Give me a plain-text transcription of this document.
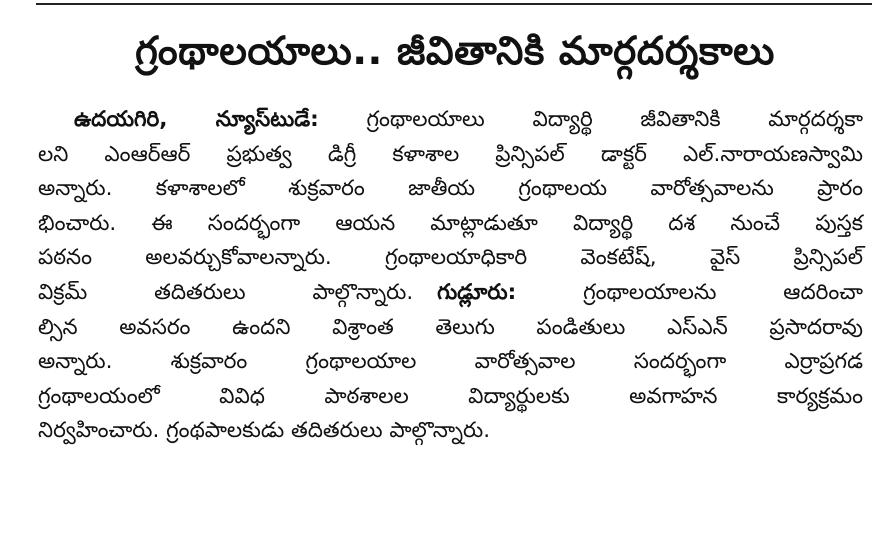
గ్రంథాలయాలు.. జీవితానికి మార్గదర్శకాలు
ఉదయగిరి, న్యూస్‌టుడే: గ్రంథాలయాలు విద్యార్థి జీవితానికి మార్గదర్శకా
లని ఎంఆర్ఆర్ ప్రభుత్వ డిగ్రీ కళాశాల ప్రిన్సిపల్ డాక్టర్ ఎల్.నారాయణస్వామి
అన్నారు. కళాశాలలో శుక్రవారం జాతీయ గ్రంథాలయ వారోత్సవాలను ప్రారం
భించారు. ఈ సందర్భంగా ఆయన మాట్లాడుతూ విద్యార్థి దశ నుంచే పుస్తక
పఠనం అలవర్చుకోవాలన్నారు. గ్రంథాలయాధికారి వెంకటేష్, వైస్ ప్రిన్సిపల్
విక్రమ్ తదితరులు పాల్గొన్నారు. గుడ్లూరు:	గ్రంథాలయాలను ఆదరించా
ల్సిన అవసరం ఉందని విశ్రాంత తెలుగు పండితులు ఎస్ఎన్ ప్రసాదరావు
అన్నారు. శుక్రవారం గ్రంథాలయాల వారోత్సవాల సందర్భంగా ఎర్రాప్రగడ
గ్రంథాలయంలో వివిధ పాఠశాలల విద్యార్థులకు అవగాహన కార్యక్రమం
నిర్వహించారు. గ్రంథపాలకుడు తదితరులు పాల్గొన్నారు.
